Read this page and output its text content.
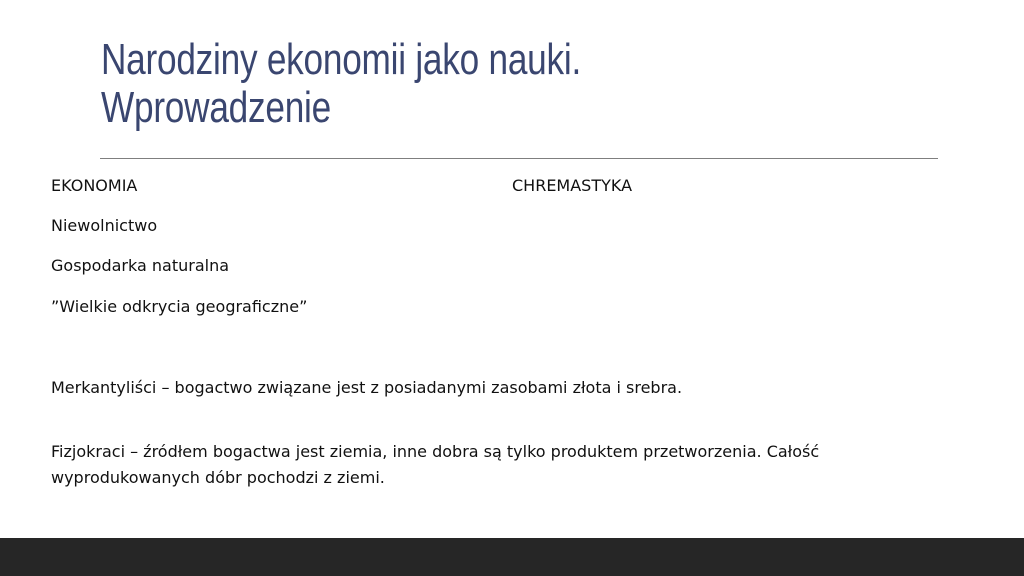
Narodziny ekonomii jako nauki.
Wprowadzenie

EKONOMIA	CHREMASTYKA

Niewolnictwo

Gospodarka naturalna

”Wielkie odkrycia geograficzne”

Merkantyliści – bogactwo związane jest z posiadanymi zasobami złota i srebra.

Fizjokraci – źródłem bogactwa jest ziemia, inne dobra są tylko produktem przetworzenia. Całość wyprodukowanych dóbr pochodzi z ziemi.
